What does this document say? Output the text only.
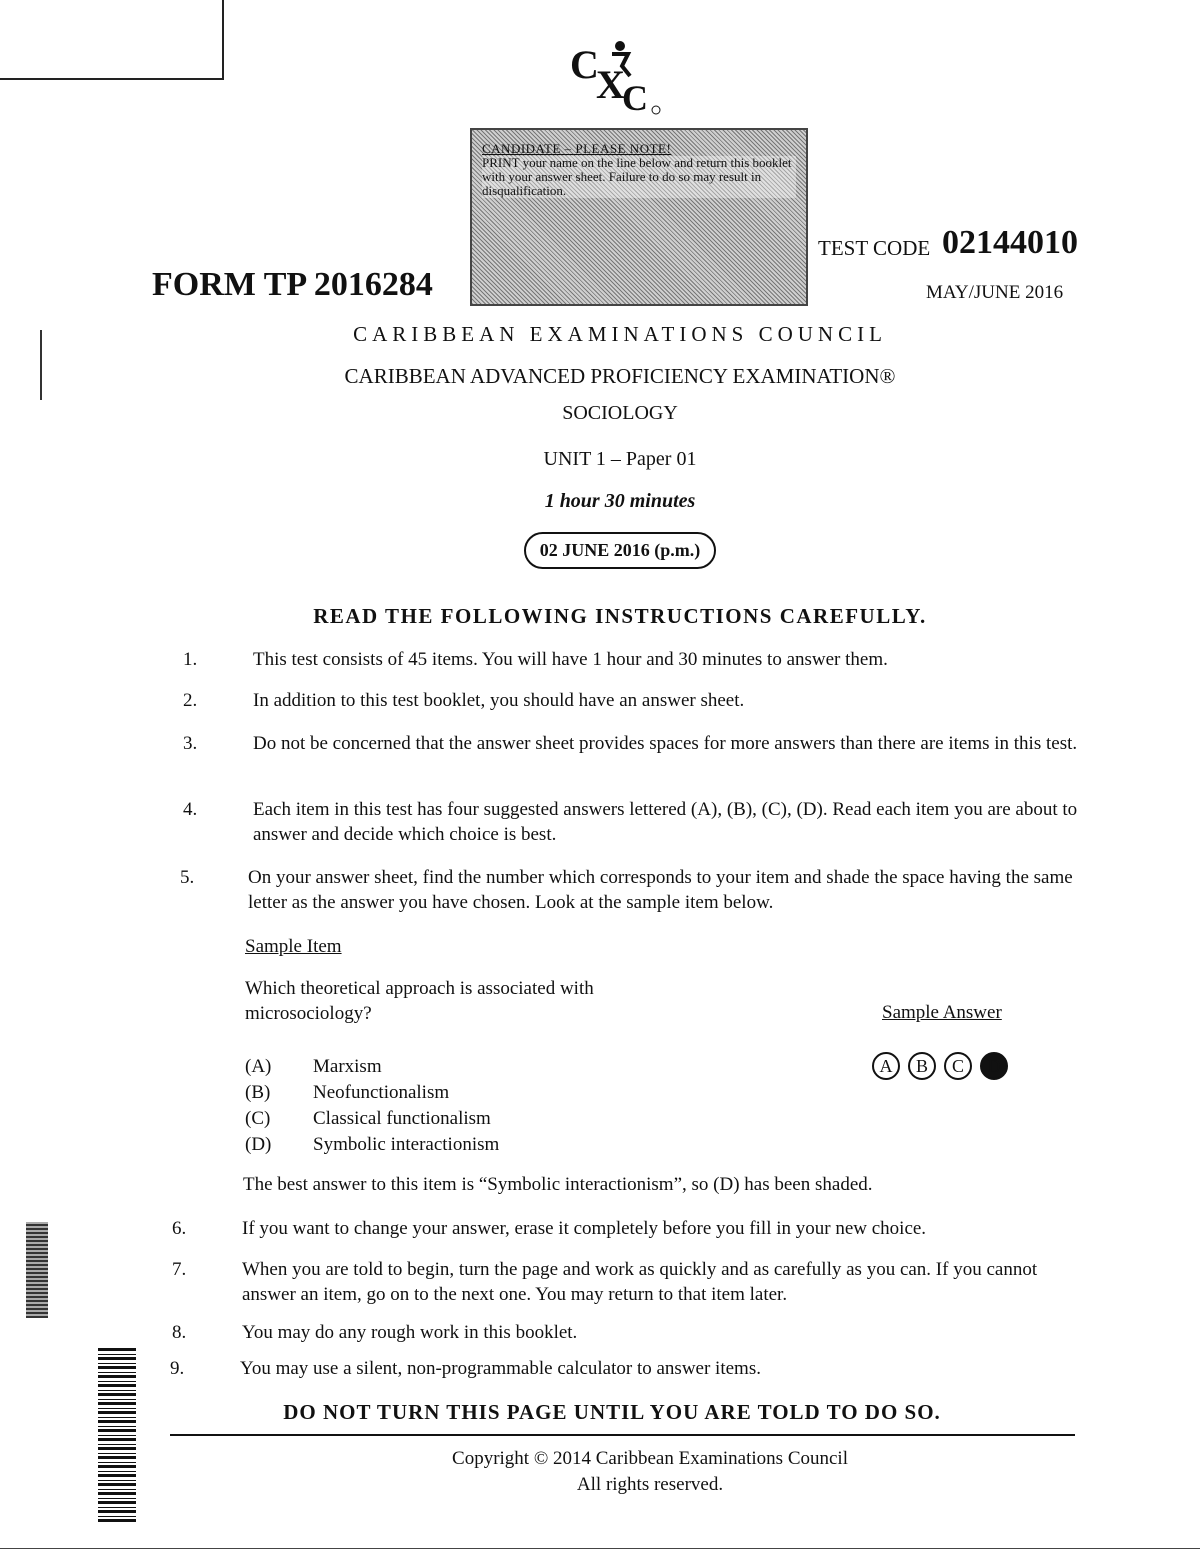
C
X
C
CANDIDATE – PLEASE NOTE!
PRINT your name on the line below and return this booklet with your answer sheet. Failure to do so may result in disqualification.
FORM TP 2016284
TEST CODE 02144010
MAY/JUNE 2016
CARIBBEAN EXAMINATIONS COUNCIL
CARIBBEAN ADVANCED PROFICIENCY EXAMINATION®
SOCIOLOGY
UNIT 1 – Paper 01
1 hour 30 minutes
02 JUNE 2016 (p.m.)
READ THE FOLLOWING INSTRUCTIONS CAREFULLY.
1.	This test consists of 45 items. You will have 1 hour and 30 minutes to answer them.
2.	In addition to this test booklet, you should have an answer sheet.
3.	Do not be concerned that the answer sheet provides spaces for more answers than there are items in this test.
4.	Each item in this test has four suggested answers lettered (A), (B), (C), (D). Read each item you are about to answer and decide which choice is best.
5.	On your answer sheet, find the number which corresponds to your item and shade the space having the same letter as the answer you have chosen. Look at the sample item below.
Sample Item
Which theoretical approach is associated with microsociology?	Sample Answer
(A) Marxism
(B) Neofunctionalism
(C) Classical functionalism
(D) Symbolic interactionism
A	B	C	D
The best answer to this item is “Symbolic interactionism”, so (D) has been shaded.
6.	If you want to change your answer, erase it completely before you fill in your new choice.
7.	When you are told to begin, turn the page and work as quickly and as carefully as you can. If you cannot answer an item, go on to the next one. You may return to that item later.
8.	You may do any rough work in this booklet.
9.	You may use a silent, non-programmable calculator to answer items.
DO NOT TURN THIS PAGE UNTIL YOU ARE TOLD TO DO SO.
Copyright © 2014 Caribbean Examinations Council
All rights reserved.
